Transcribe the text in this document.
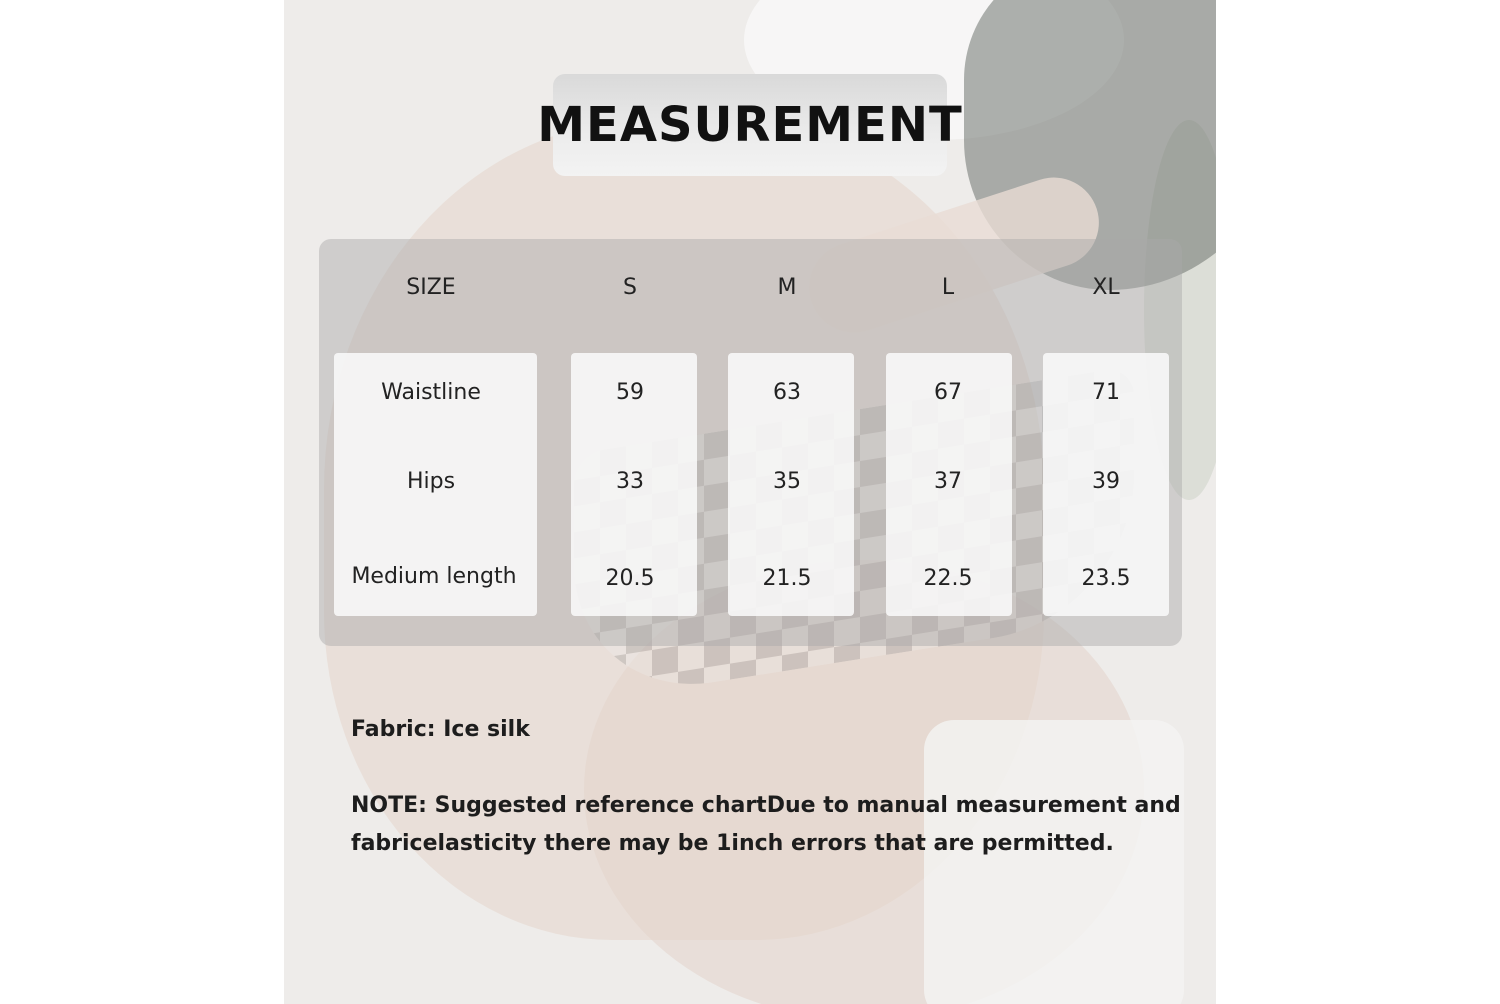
MEASUREMENT
SIZE	S	M	L	XL
Waistline	59	63	67	71
Hips	33	35	37	39
Medium length	20.5	21.5	22.5	23.5
Fabric: Ice silk
NOTE: Suggested reference chartDue to manual measurement and
fabricelasticity there may be 1inch errors that are permitted.
